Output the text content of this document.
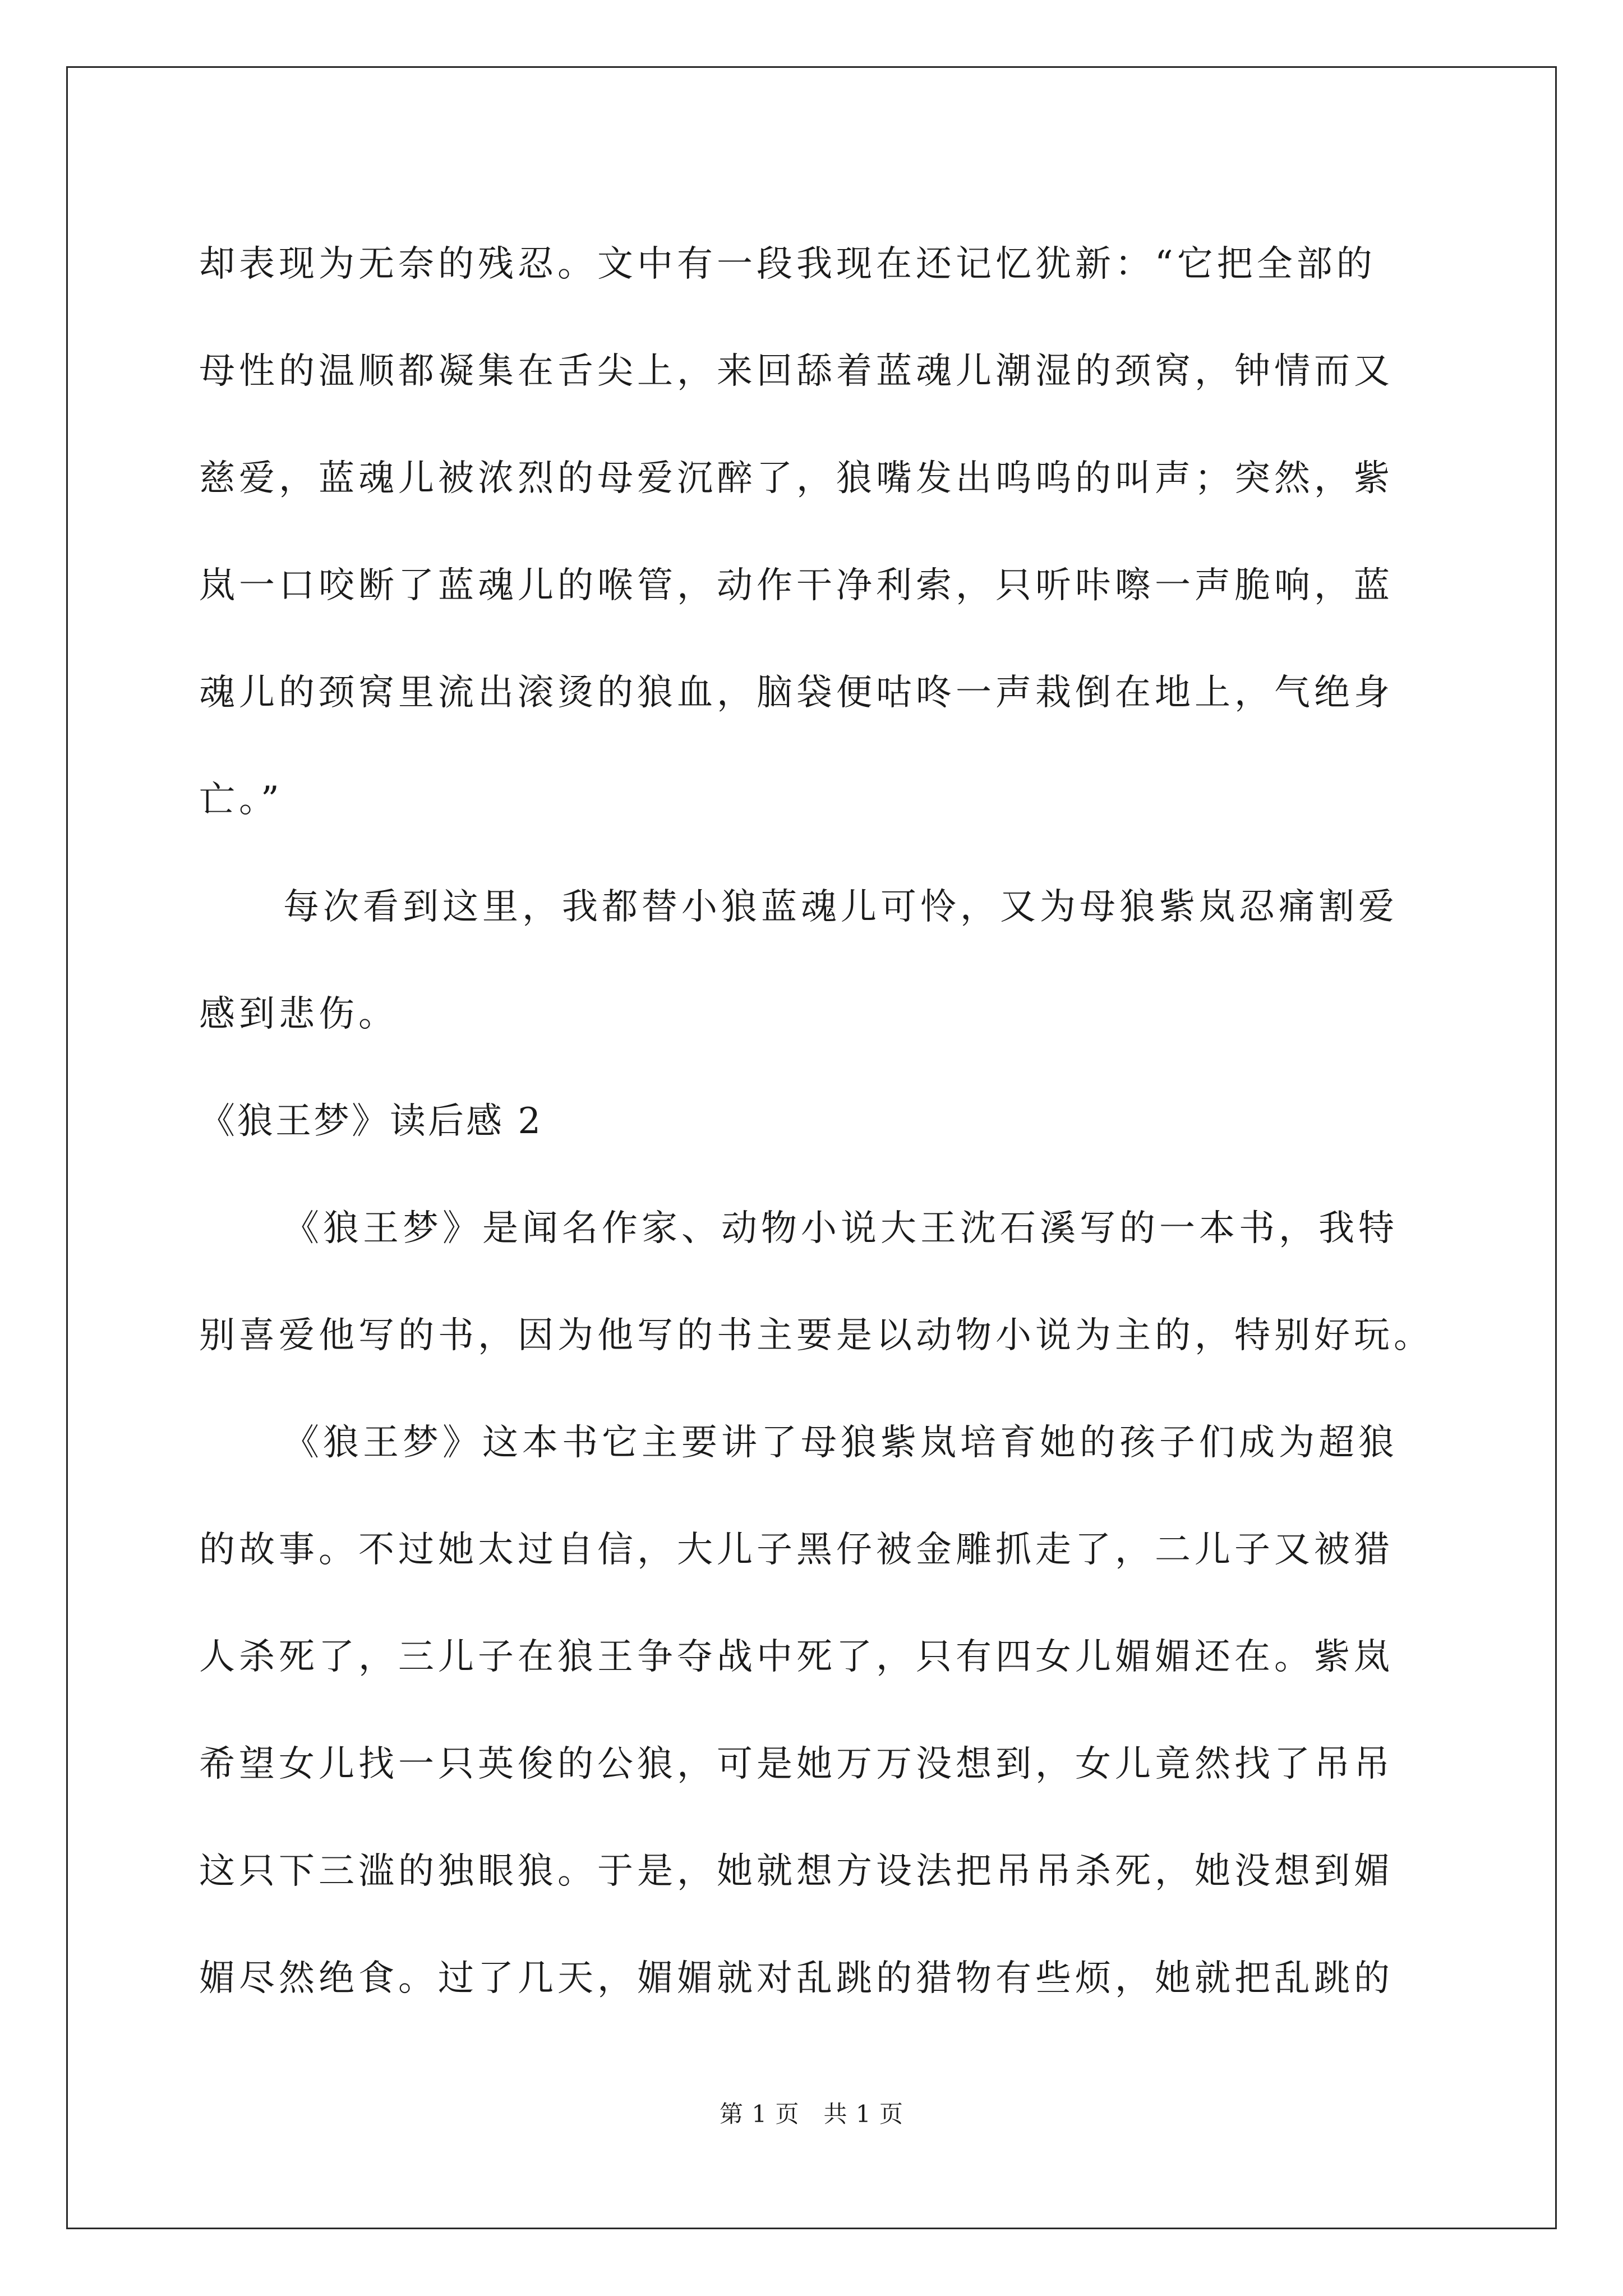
却表现为无奈的残忍。文中有一段我现在还记忆犹新：“它把全部的

母性的温顺都凝集在舌尖上，来回舔着蓝魂儿潮湿的颈窝，钟情而又

慈爱，蓝魂儿被浓烈的母爱沉醉了，狼嘴发出呜呜的叫声；突然，紫

岚一口咬断了蓝魂儿的喉管，动作干净利索，只听咔嚓一声脆响，蓝

魂儿的颈窝里流出滚烫的狼血，脑袋便咕咚一声栽倒在地上，气绝身

亡。”

每次看到这里，我都替小狼蓝魂儿可怜，又为母狼紫岚忍痛割爱

感到悲伤。

《狼王梦》读后感 2

《狼王梦》是闻名作家、动物小说大王沈石溪写的一本书，我特

别喜爱他写的书，因为他写的书主要是以动物小说为主的，特别好玩。

《狼王梦》这本书它主要讲了母狼紫岚培育她的孩子们成为超狼

的故事。不过她太过自信，大儿子黑仔被金雕抓走了，二儿子又被猎

人杀死了，三儿子在狼王争夺战中死了，只有四女儿媚媚还在。紫岚

希望女儿找一只英俊的公狼，可是她万万没想到，女儿竟然找了吊吊

这只下三滥的独眼狼。于是，她就想方设法把吊吊杀死，她没想到媚

媚尽然绝食。过了几天，媚媚就对乱跳的猎物有些烦，她就把乱跳的

第 1 页 共 1 页
